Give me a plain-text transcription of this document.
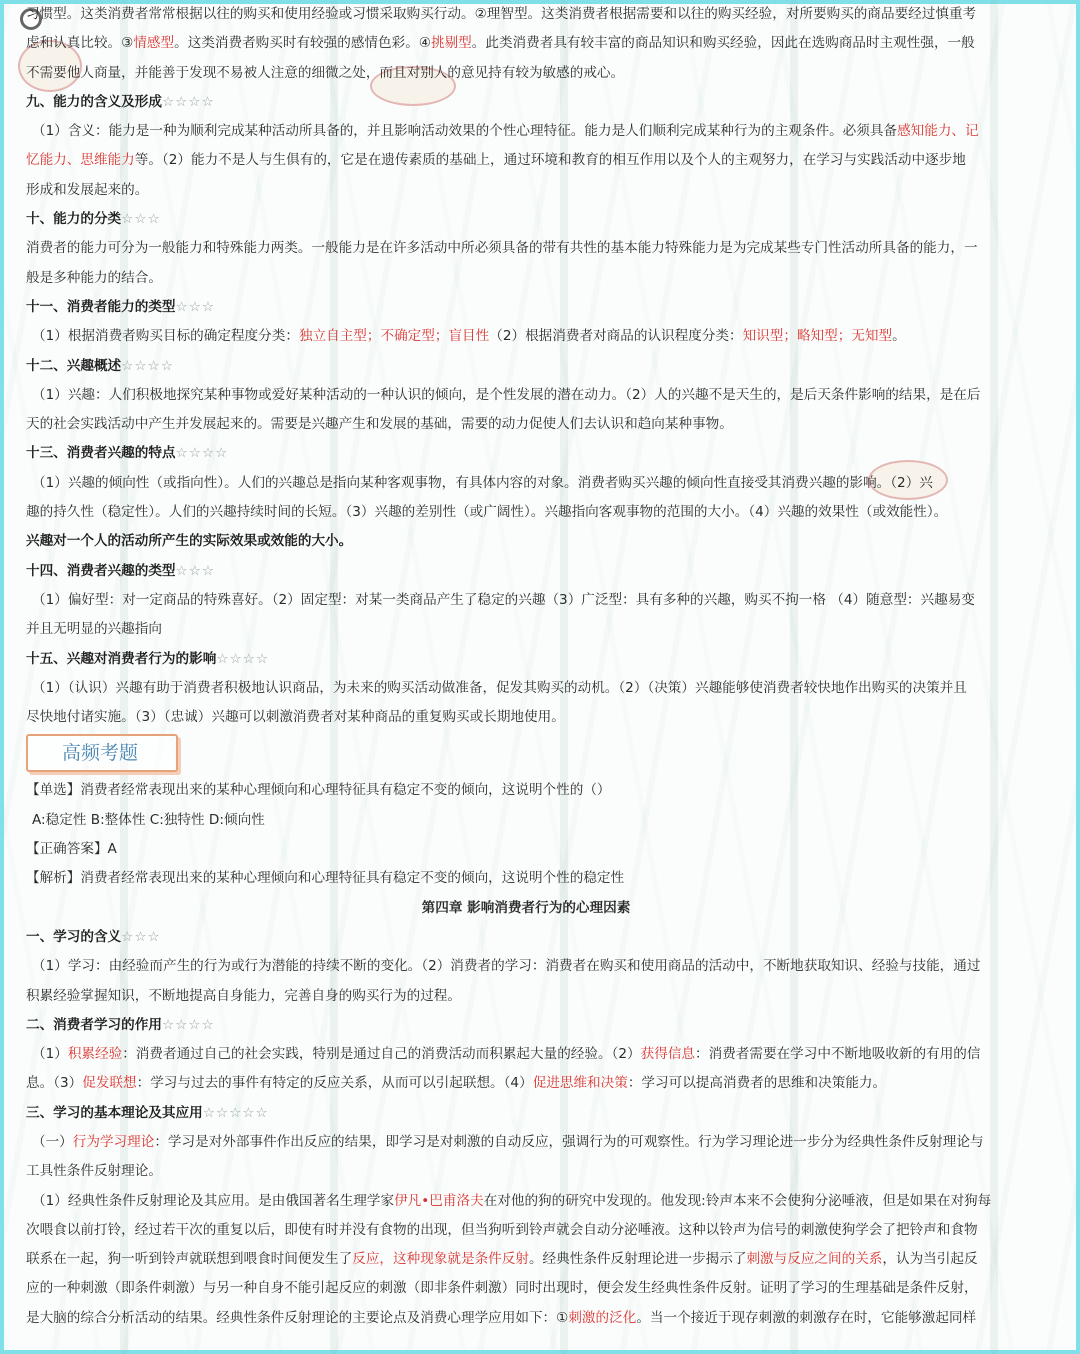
习惯型。这类消费者常常根据以往的购买和使用经验或习惯采取购买行动。②理智型。这类消费者根据需要和以往的购买经验，对所要购买的商品要经过慎重考

虑和认真比较。③情感型。这类消费者购买时有较强的感情色彩。④挑剔型。此类消费者具有较丰富的商品知识和购买经验，因此在选购商品时主观性强，一般

不需要他人商量，并能善于发现不易被人注意的细微之处，而且对别人的意见持有较为敏感的戒心。

九、能力的含义及形成☆☆☆☆

（1）含义：能力是一种为顺利完成某种活动所具备的，并且影响活动效果的个性心理特征。能力是人们顺利完成某种行为的主观条件。必须具备感知能力、记

忆能力、思维能力等。（2）能力不是人与生俱有的，它是在遗传素质的基础上，通过环境和教育的相互作用以及个人的主观努力，在学习与实践活动中逐步地

形成和发展起来的。

十、能力的分类☆☆☆

消费者的能力可分为一般能力和特殊能力两类。一般能力是在许多活动中所必须具备的带有共性的基本能力特殊能力是为完成某些专门性活动所具备的能力，一

般是多种能力的结合。

十一、消费者能力的类型☆☆☆

（1）根据消费者购买目标的确定程度分类：独立自主型；不确定型；盲目性（2）根据消费者对商品的认识程度分类：知识型；略知型；无知型。

十二、兴趣概述☆☆☆☆

（1）兴趣：人们积极地探究某种事物或爱好某种活动的一种认识的倾向，是个性发展的潜在动力。（2）人的兴趣不是天生的，是后天条件影响的结果，是在后

天的社会实践活动中产生并发展起来的。需要是兴趣产生和发展的基础，需要的动力促使人们去认识和趋向某种事物。

十三、消费者兴趣的特点☆☆☆☆

（1）兴趣的倾向性（或指向性）。人们的兴趣总是指向某种客观事物，有具体内容的对象。消费者购买兴趣的倾向性直接受其消费兴趣的影响。（2）兴

趣的持久性（稳定性）。人们的兴趣持续时间的长短。（3）兴趣的差别性（或广阔性）。兴趣指向客观事物的范围的大小。（4）兴趣的效果性（或效能性）。

兴趣对一个人的活动所产生的实际效果或效能的大小。

十四、消费者兴趣的类型☆☆☆

（1）偏好型：对一定商品的特殊喜好。（2）固定型：对某一类商品产生了稳定的兴趣（3）广泛型：具有多种的兴趣，购买不拘一格 （4）随意型：兴趣易变

并且无明显的兴趣指向

十五、兴趣对消费者行为的影响☆☆☆☆

（1）（认识）兴趣有助于消费者积极地认识商品，为未来的购买活动做准备，促发其购买的动机。（2）（决策）兴趣能够使消费者较快地作出购买的决策并且

尽快地付诸实施。（3）（忠诚）兴趣可以刺激消费者对某种商品的重复购买或长期地使用。

高频考题

【单选】消费者经常表现出来的某种心理倾向和心理特征具有稳定不变的倾向，这说明个性的（）

A:稳定性 B:整体性 C:独特性 D:倾向性

【正确答案】A

【解析】消费者经常表现出来的某种心理倾向和心理特征具有稳定不变的倾向，这说明个性的稳定性

第四章 影响消费者行为的心理因素

一、学习的含义☆☆☆

（1）学习：由经验而产生的行为或行为潜能的持续不断的变化。（2）消费者的学习：消费者在购买和使用商品的活动中，不断地获取知识、经验与技能，通过

积累经验掌握知识，不断地提高自身能力，完善自身的购买行为的过程。

二、消费者学习的作用☆☆☆☆

（1）积累经验：消费者通过自己的社会实践，特别是通过自己的消费活动而积累起大量的经验。（2）获得信息：消费者需要在学习中不断地吸收新的有用的信

息。（3）促发联想：学习与过去的事件有特定的反应关系，从而可以引起联想。（4）促进思维和决策：学习可以提高消费者的思维和决策能力。

三、学习的基本理论及其应用☆☆☆☆☆

（一）行为学习理论：学习是对外部事件作出反应的结果，即学习是对刺激的自动反应，强调行为的可观察性。行为学习理论进一步分为经典性条件反射理论与

工具性条件反射理论。

（1）经典性条件反射理论及其应用。是由俄国著名生理学家伊凡•巴甫洛夫在对他的狗的研究中发现的。他发现:铃声本来不会使狗分泌唾液，但是如果在对狗每

次喂食以前打铃，经过若干次的重复以后，即使有时并没有食物的出现，但当狗听到铃声就会自动分泌唾液。这种以铃声为信号的刺激使狗学会了把铃声和食物

联系在一起，狗一听到铃声就联想到喂食时间便发生了反应，这种现象就是条件反射。经典性条件反射理论进一步揭示了刺激与反应之间的关系，认为当引起反

应的一种刺激（即条件刺激）与另一种自身不能引起反应的刺激（即非条件刺激）同时出现时，便会发生经典性条件反射。证明了学习的生理基础是条件反射，

是大脑的综合分析活动的结果。经典性条件反射理论的主要论点及消费心理学应用如下：①刺激的泛化。当一个接近于现存刺激的刺激存在时，它能够激起同样
